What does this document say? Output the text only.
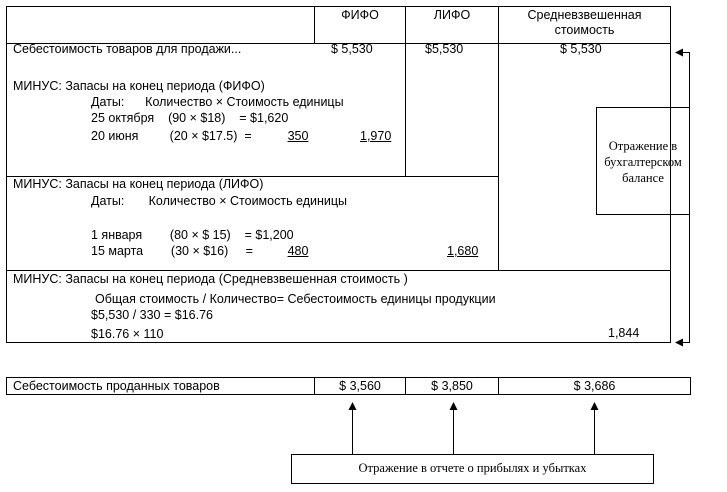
ФИФО	ЛИФО	Средневзвешенная
стоимость
Себестоимость товаров для продажи...	$ 5,530	$5,530	$ 5,530
МИНУС: Запасы на конец периода (ФИФО)
Даты:      Количество × Стоимость единицы
25 октября    (90 × $18)    = $1,620
20 июня         (20 × $17.5)  =	350	1,970
МИНУС: Запасы на конец периода (ЛИФО)
Даты:       Количество × Стоимость единицы
1 января        (80 × $ 15)    = $1,200
15 марта        (30 × $16)     =	480	1,680
МИНУС: Запасы на конец периода (Средневзвешенная стоимость )
Общая стоимость / Количество= Себестоимость единицы продукции
$5,530 / 330 = $16.76
$16.76 × 110	1,844
Отражение в
бухгалтерском
балансе
Себестоимость проданных товаров	$ 3,560	$ 3,850	$ 3,686
Отражение в отчете о прибылях и убытках
